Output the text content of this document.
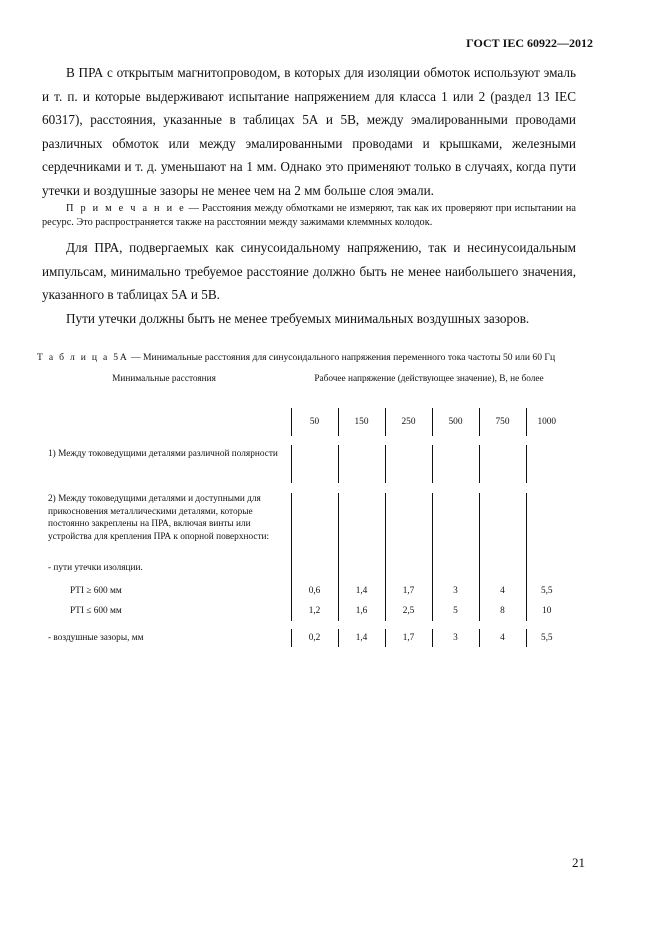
ГОСТ IEC 60922—2012

В ПРА с открытым магнитопроводом, в которых для изоляции обмоток используют эмаль и т. п. и которые выдерживают испытание напряжением для класса 1 или 2 (раздел 13 IEC 60317), расстояния, указанные в таблицах 5А и 5В, между эмалированными проводами различных обмоток или между эмалированными проводами и крышками, железными сердечниками и т. д. уменьшают на 1 мм. Однако это применяют только в случаях, когда пути утечки и воздушные зазоры не менее чем на 2 мм больше слоя эмали.

П р и м е ч а н и е — Расстояния между обмотками не измеряют, так как их проверяют при испытании на ресурс. Это распространяется также на расстоянии между зажимами клеммных колодок.

Для ПРА, подвергаемых как синусоидальному напряжению, так и несинусоидальным импульсам, минимально требуемое расстояние должно быть не менее наибольшего значения, указанного в таблицах 5А и 5В.

Пути утечки должны быть не менее требуемых минимальных воздушных зазоров.

Т а б л и ц а 5А — Минимальные расстояния для синусоидального напряжения переменного тока частоты 50 или 60 Гц
Минимальные расстояния	Рабочее напряжение (действующее значение), В, не более					
	50	150	250	500	750	1000

1) Между токоведущими деталями различной полярности						

2) Между токоведущими деталями и доступными для прикосновения металлическими деталями, которые постоянно закреплены на ПРА, включая винты или устройства для крепления ПРА к опорной поверхности:						
- пути утечки изоляции.						
PTI ≥ 600 мм	0,6	1,4	1,7	3	4	5,5
PTI ≤ 600 мм	1,2	1,6	2,5	5	8	10

- воздушные зазоры, мм	0,2	1,4	1,7	3	4	5,5
21
